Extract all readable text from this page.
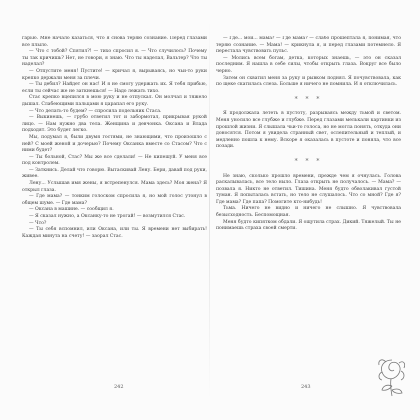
гарью. Мне начало казаться, что я снова теряю сознание. Перед глазами все плыло.

— Что с тобой? Спятил?! — тихо спросил я. — Что случилось? Почему ты так кричишь? Нет, не говори, я знаю. Что ты наделал, Вальтер? Что ты наделал?

— Отпустите меня! Пустите! — кричал я, вырываясь, но чьи-то руки крепко держали меня за плечи.

— Ты дебил? Найдет он нас! И я не смогу удержать их. Я тебя прибью, если ты сейчас же не заткнешься! — Надо лежать тихо.

Стас крепко вцепился в мою руку и не отпускал. Он молчал и тяжело дышал. Слабеющими пальцами я царапал его руку.

— Что делать-то будем? — спросила подельник Стаса.

— Выкинешь, — грубо ответил тот и забормотал, прикрывая рукой лицо. — Нам нужно два тела. Женщина и девчонка. Оксана и Влада подходят. Это будет легко.

Мы, подумал я, были двумя гостями, не знающими, что произошло с ней? С моей женой и дочерью? Почему Оксанка вместе со Стасом? Что с ними будет?

— Ты больной, Стас? Мы же все сделали! — Не кипешуй. У меня все под контролем.

— Заткнись. Делай что говорю. Вытаскивай Лену. Бери, давай под руки, живее.

Лену... Услышав имя жены, я встрепенулся. Мама здесь? Моя жена? Я открыл глаза.

— Где мама? — тонким голоском спросила я, но мой голос утонул в общем шуме. — Где мама?

— Оксана в машине. — сообщил я.

— Я сказал нужно, а Оксанку-то не трогай! — возмутился Стас.

— Что?

— Ты себя вспомнил, или Оксана, или ты. Я времени нет выбирать! Каждая минута на счету! — заорал Стас.

— Где... мои... мама? — Где мама? — слабо прошептала я, понимая, что теряю сознание. — Мама! — крикнула я, и перед глазами потемнело. Я перестала чувствовать пульс.

— Молись всем богам, детка, которых знаешь, — это он сказал последним. Я нашла в себе силы, чтобы открыть глаза. Вокруг все было черно.

Затем он схватил меня за руку и рывком поднял. Я почувствовала, как по щеке скатилась слеза. Больше я ничего не помнила. И я отключилась.

* * *

Я продолжала лететь в пустоту, разрываясь между тьмой и светом. Меня уносило все глубже и глубже. Перед глазами мелькали картинки из прошлой жизни. Я слышала чьи-то голоса, но не могла понять, откуда они доносятся. Потом я увидела странный свет, ослепительный и теплый, и медленно пошла к нему. Вскоре я оказалась в пустоте и поняла, что все позади.

* * *

Не знаю, сколько прошло времени, прежде чем я очнулась. Голова раскалывалась, все тело ныло. Глаза открыть не получалось. — Мама? — позвала я. Никто не ответил. Тишина. Меня будто обволакивал густой туман. Я попыталась встать, но тело не слушалось. Что со мной? Где я? Где мама? Где папа? Помогите кто-нибудь!

Тьма. Ничего не видно и ничего не слышно. Я чувствовала безысходность. Беспомощная.

Меня будто кипятком обдали. Я ощутила страх. Дикий. Тяжелый. Ты не понимаешь страха своей смерти.

242	243
